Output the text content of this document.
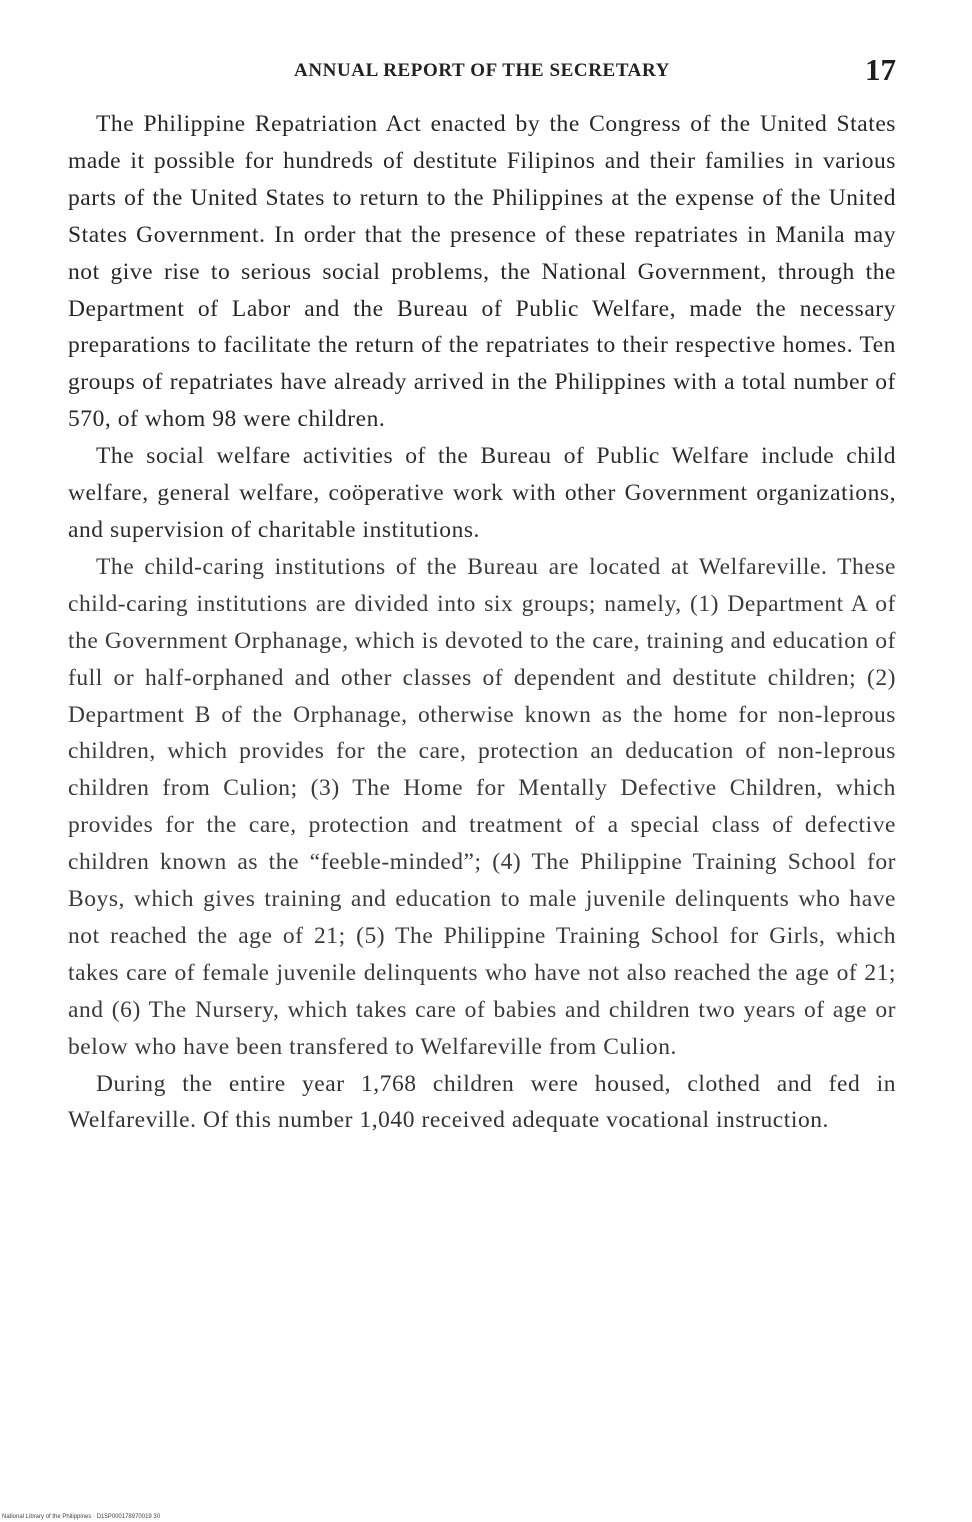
ANNUAL REPORT OF THE SECRETARY	17

The Philippine Repatriation Act enacted by the Congress of the United States made it possible for hundreds of destitute Filipinos and their families in various parts of the United States to return to the Philippines at the expense of the United States Government. In order that the presence of these repatriates in Manila may not give rise to serious social problems, the National Government, through the Department of Labor and the Bureau of Public Welfare, made the necessary preparations to facilitate the return of the repatriates to their respective homes. Ten groups of repatriates have already arrived in the Philippines with a total number of 570, of whom 98 were children.

The social welfare activities of the Bureau of Public Welfare include child welfare, general welfare, coöperative work with other Government organizations, and supervision of charitable institutions.

The child-caring institutions of the Bureau are located at Welfareville. These child-caring institutions are divided into six groups; namely, (1) Department A of the Government Orphanage, which is devoted to the care, training and education of full or half-orphaned and other classes of dependent and destitute children; (2) Department B of the Orphanage, otherwise known as the home for non-leprous children, which provides for the care, protection an deducation of non-leprous children from Culion; (3) The Home for Mentally Defective Children, which provides for the care, protection and treatment of a special class of defective children known as the “feeble-minded”; (4) The Philippine Training School for Boys, which gives training and education to male juvenile delinquents who have not reached the age of 21; (5) The Philippine Training School for Girls, which takes care of female juvenile delinquents who have not also reached the age of 21; and (6) The Nursery, which takes care of babies and children two years of age or below who have been transfered to Welfareville from Culion.

During the entire year 1,768 children were housed, clothed and fed in Welfareville. Of this number 1,040 received adequate vocational instruction.

National Library of the Philippines · D15P000178970019 30
